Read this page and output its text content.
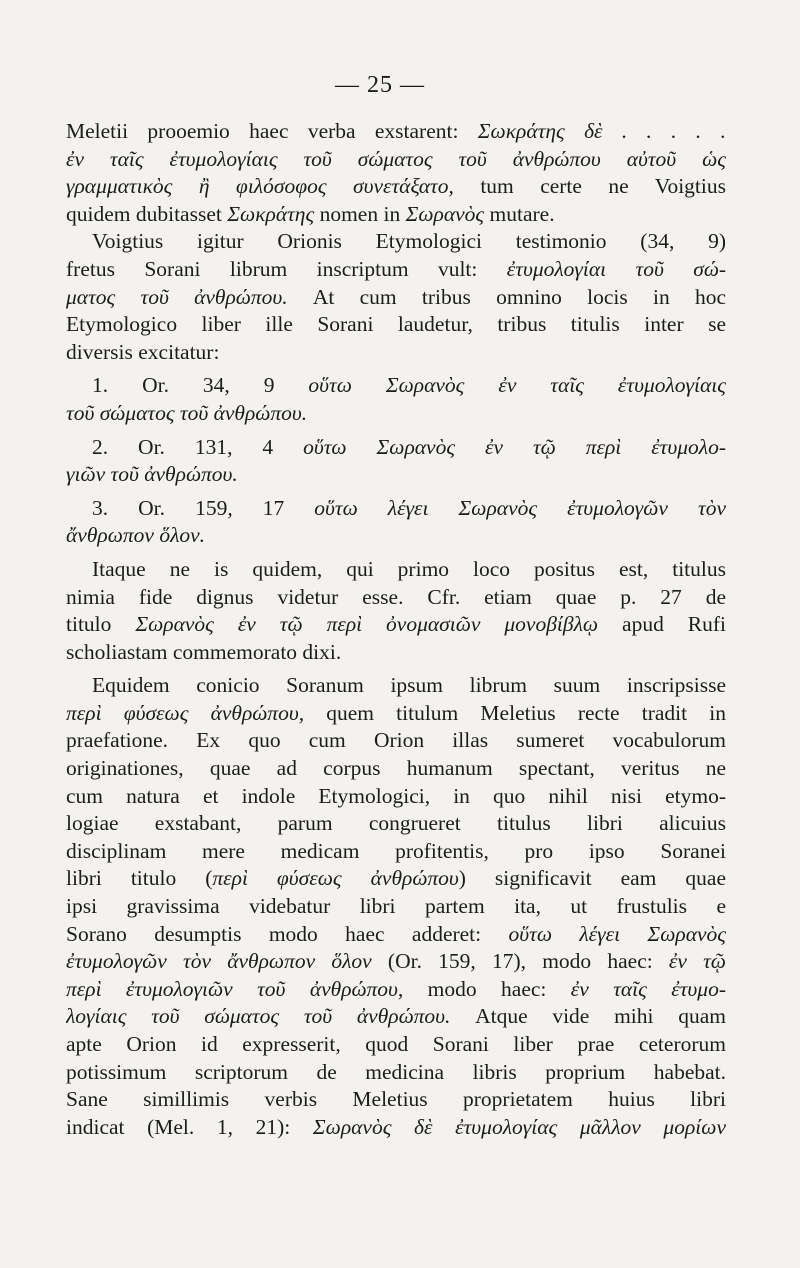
— 25 —
Meletii prooemio haec verba exstarent: Σωκράτης δὲ . . . . .
ἐν ταῖς ἐτυμολογίαις τοῦ σώματος τοῦ ἀνθρώπου αὐτοῦ ὡς
γραμματικὸς ἢ φιλόσοφος συνετάξατο, tum certe ne Voigtius
quidem dubitasset Σωκράτης nomen in Σωρανὸς mutare.
Voigtius igitur Orionis Etymologici testimonio (34, 9)
fretus Sorani librum inscriptum vult: ἐτυμολογίαι τοῦ σώ-
ματος τοῦ ἀνθρώπου. At cum tribus omnino locis in hoc
Etymologico liber ille Sorani laudetur, tribus titulis inter se
diversis excitatur:
1. Or. 34, 9 οὕτω Σωρανὸς ἐν ταῖς ἐτυμολογίαις
τοῦ σώματος τοῦ ἀνθρώπου.
2. Or. 131, 4 οὕτω Σωρανὸς ἐν τῷ περὶ ἐτυμολο-
γιῶν τοῦ ἀνθρώπου.
3. Or. 159, 17 οὕτω λέγει Σωρανὸς ἐτυμολογῶν τὸν
ἄνθρωπον ὅλον.
Itaque ne is quidem, qui primo loco positus est, titulus
nimia fide dignus videtur esse. Cfr. etiam quae p. 27 de
titulo Σωρανὸς ἐν τῷ περὶ ὀνομασιῶν μονοβίβλῳ apud Rufi
scholiastam commemorato dixi.
Equidem conicio Soranum ipsum librum suum inscripsisse
περὶ φύσεως ἀνθρώπου, quem titulum Meletius recte tradit in
praefatione. Ex quo cum Orion illas sumeret vocabulorum
originationes, quae ad corpus humanum spectant, veritus ne
cum natura et indole Etymologici, in quo nihil nisi etymo-
logiae exstabant, parum congrueret titulus libri alicuius
disciplinam mere medicam profitentis, pro ipso Soranei
libri titulo (περὶ φύσεως ἀνθρώπου) significavit eam quae
ipsi gravissima videbatur libri partem ita, ut frustulis e
Sorano desumptis modo haec adderet: οὕτω λέγει Σωρανὸς
ἐτυμολογῶν τὸν ἄνθρωπον ὅλον (Or. 159, 17), modo haec: ἐν τῷ
περὶ ἐτυμολογιῶν τοῦ ἀνθρώπου, modo haec: ἐν ταῖς ἐτυμο-
λογίαις τοῦ σώματος τοῦ ἀνθρώπου. Atque vide mihi quam
apte Orion id expresserit, quod Sorani liber prae ceterorum
potissimum scriptorum de medicina libris proprium habebat.
Sane simillimis verbis Meletius proprietatem huius libri
indicat (Mel. 1, 21): Σωρανὸς δὲ ἐτυμολογίας μᾶλλον μορίων
